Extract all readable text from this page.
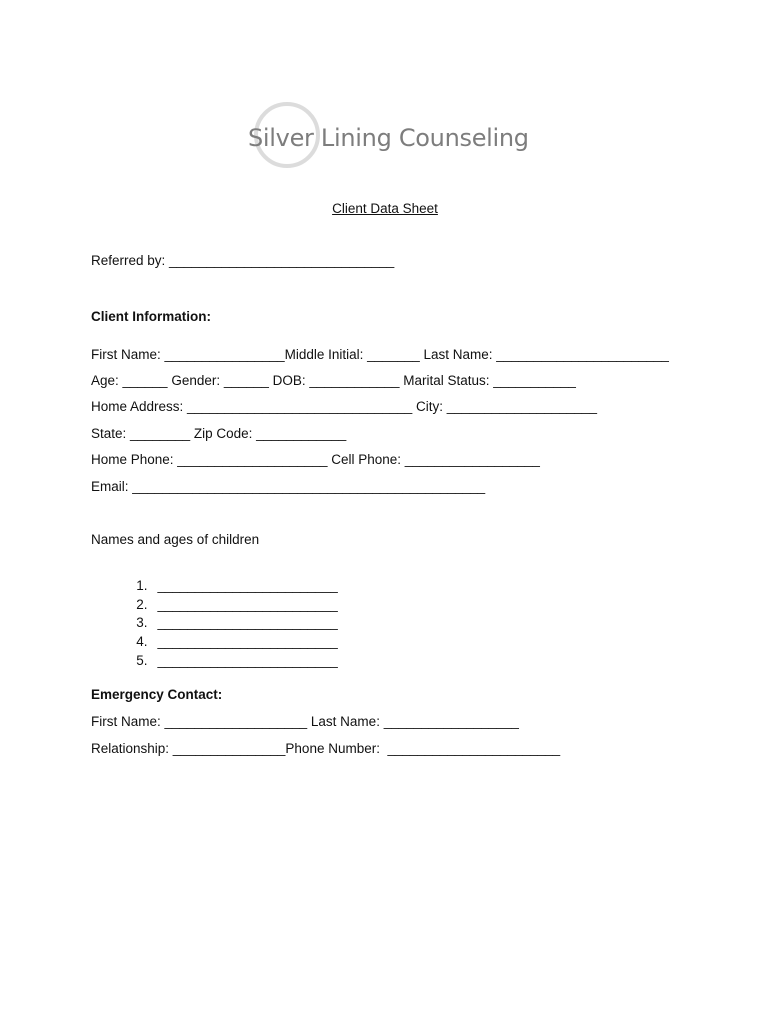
Silver Lining Counseling
Client Data Sheet
Referred by: ______________________________
Client Information:
First Name: ________________Middle Initial: _______ Last Name: _______________________
Age: ______ Gender: ______ DOB: ____________ Marital Status: ___________
Home Address: ______________________________ City: ____________________
State: ________ Zip Code: ____________
Home Phone: ____________________ Cell Phone: __________________
Email: _______________________________________________
Names and ages of children

1. ________________________

2. ________________________

3. ________________________

4. ________________________

5. ________________________

Emergency Contact:
First Name: ___________________ Last Name: __________________
Relationship: _______________Phone Number:  _______________________
